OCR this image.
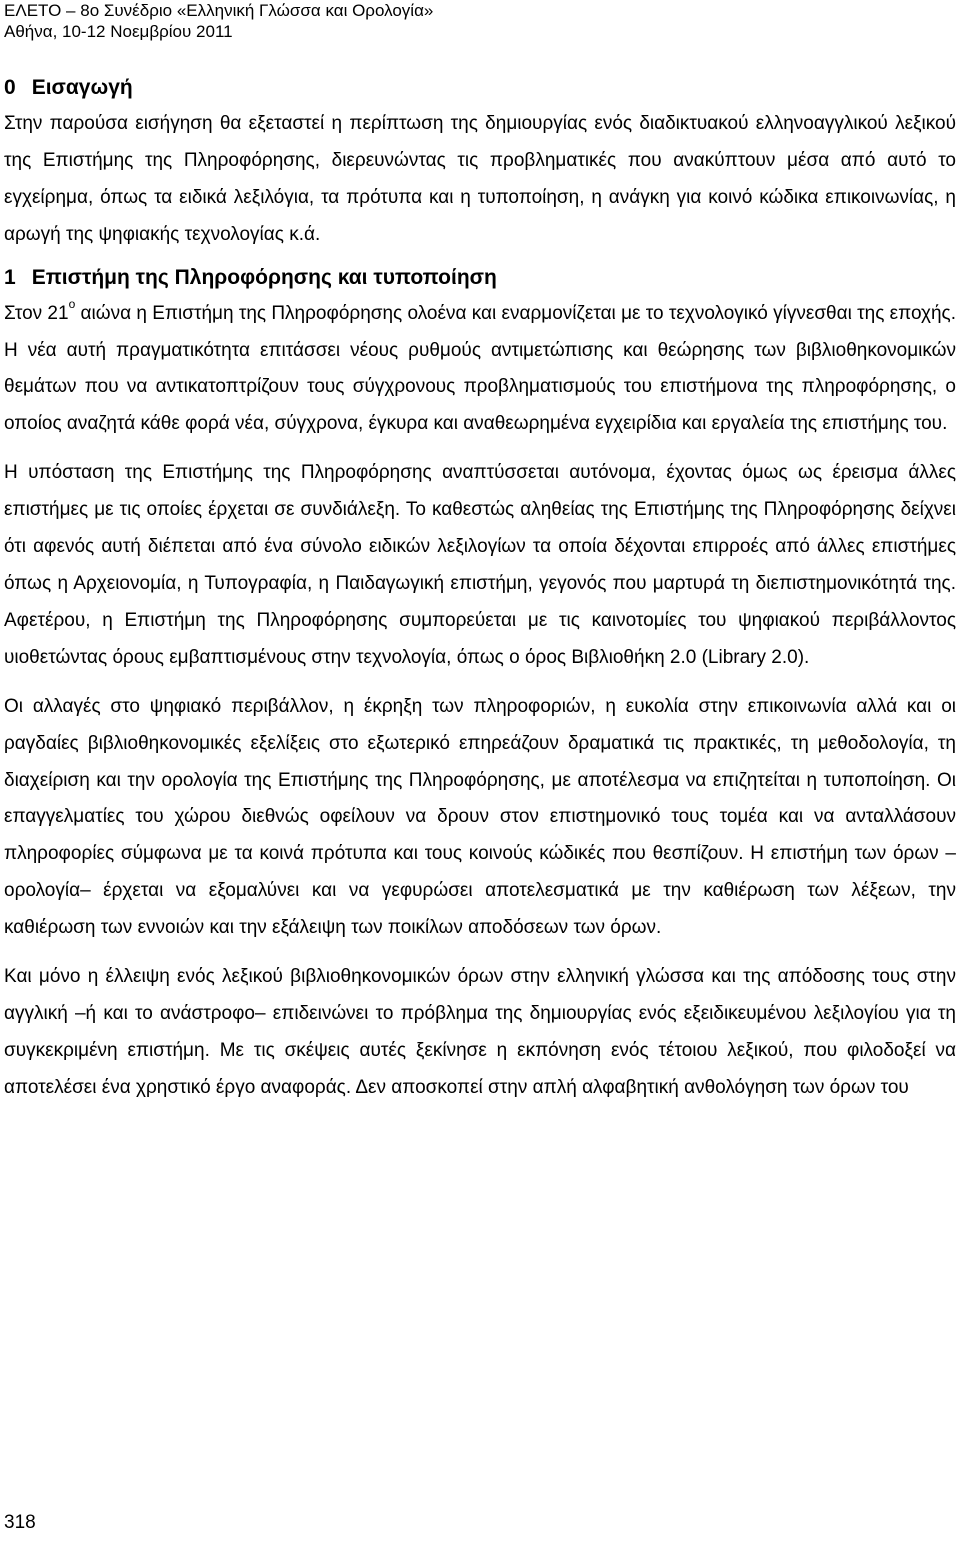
ΕΛΕΤΟ – 8ο Συνέδριο «Ελληνική Γλώσσα και Ορολογία»
Αθήνα, 10-12 Νοεμβρίου 2011
0 Εισαγωγή

Στην παρούσα εισήγηση θα εξεταστεί η περίπτωση της δημιουργίας ενός διαδικτυακού ελληνοαγγλικού λεξικού της Επιστήμης της Πληροφόρησης, διερευνώντας τις προβληματικές που ανακύπτουν μέσα από αυτό το εγχείρημα, όπως τα ειδικά λεξιλόγια, τα πρότυπα και η τυποποίηση, η ανάγκη για κοινό κώδικα επικοινωνίας, η αρωγή της ψηφιακής τεχνολογίας κ.ά.

1 Επιστήμη της Πληροφόρησης και τυποποίηση

Στον $21^o$ αιώνα η Επιστήμη της Πληροφόρησης ολοένα και εναρμονίζεται με το τεχνολογικό γίγνεσθαι της εποχής. Η νέα αυτή πραγματικότητα επιτάσσει νέους ρυθμούς αντιμετώπισης και θεώρησης των βιβλιοθηκονομικών θεμάτων που να αντικατοπτρίζουν τους σύγχρονους προβληματισμούς του επιστήμονα της πληροφόρησης, ο οποίος αναζητά κάθε φορά νέα, σύγχρονα, έγκυρα και αναθεωρημένα εγχειρίδια και εργαλεία της επιστήμης του.

Η υπόσταση της Επιστήμης της Πληροφόρησης αναπτύσσεται αυτόνομα, έχοντας όμως ως έρεισμα άλλες επιστήμες με τις οποίες έρχεται σε συνδιάλεξη. Το καθεστώς αληθείας της Επιστήμης της Πληροφόρησης δείχνει ότι αφενός αυτή διέπεται από ένα σύνολο ειδικών λεξιλογίων τα οποία δέχονται επιρροές από άλλες επιστήμες όπως η Αρχειονομία, η Τυπογραφία, η Παιδαγωγική επιστήμη, γεγονός που μαρτυρά τη διεπιστημονικότητά της. Αφετέρου, η Επιστήμη της Πληροφόρησης συμπορεύεται με τις καινοτομίες του ψηφιακού περιβάλλοντος υιοθετώντας όρους εμβαπτισμένους στην τεχνολογία, όπως ο όρος Βιβλιοθήκη 2.0 (Library 2.0).

Οι αλλαγές στο ψηφιακό περιβάλλον, η έκρηξη των πληροφοριών, η ευκολία στην επικοινωνία αλλά και οι ραγδαίες βιβλιοθηκονομικές εξελίξεις στο εξωτερικό επηρεάζουν δραματικά τις πρακτικές, τη μεθοδολογία, τη διαχείριση και την ορολογία της Επιστήμης της Πληροφόρησης, με αποτέλεσμα να επιζητείται η τυποποίηση. Οι επαγγελματίες του χώρου διεθνώς οφείλουν να δρουν στον επιστημονικό τους τομέα και να ανταλλάσουν πληροφορίες σύμφωνα με τα κοινά πρότυπα και τους κοινούς κώδικές που θεσπίζουν. Η επιστήμη των όρων –ορολογία– έρχεται να εξομαλύνει και να γεφυρώσει αποτελεσματικά με την καθιέρωση των λέξεων, την καθιέρωση των εννοιών και την εξάλειψη των ποικίλων αποδόσεων των όρων.

Και μόνο η έλλειψη ενός λεξικού βιβλιοθηκονομικών όρων στην ελληνική γλώσσα και της απόδοσης τους στην αγγλική –ή και το ανάστροφο– επιδεινώνει το πρόβλημα της δημιουργίας ενός εξειδικευμένου λεξιλογίου για τη συγκεκριμένη επιστήμη. Με τις σκέψεις αυτές ξεκίνησε η εκπόνηση ενός τέτοιου λεξικού, που φιλοδοξεί να αποτελέσει ένα χρηστικό έργο αναφοράς. Δεν αποσκοπεί στην απλή αλφαβητική ανθολόγηση των όρων του

318
